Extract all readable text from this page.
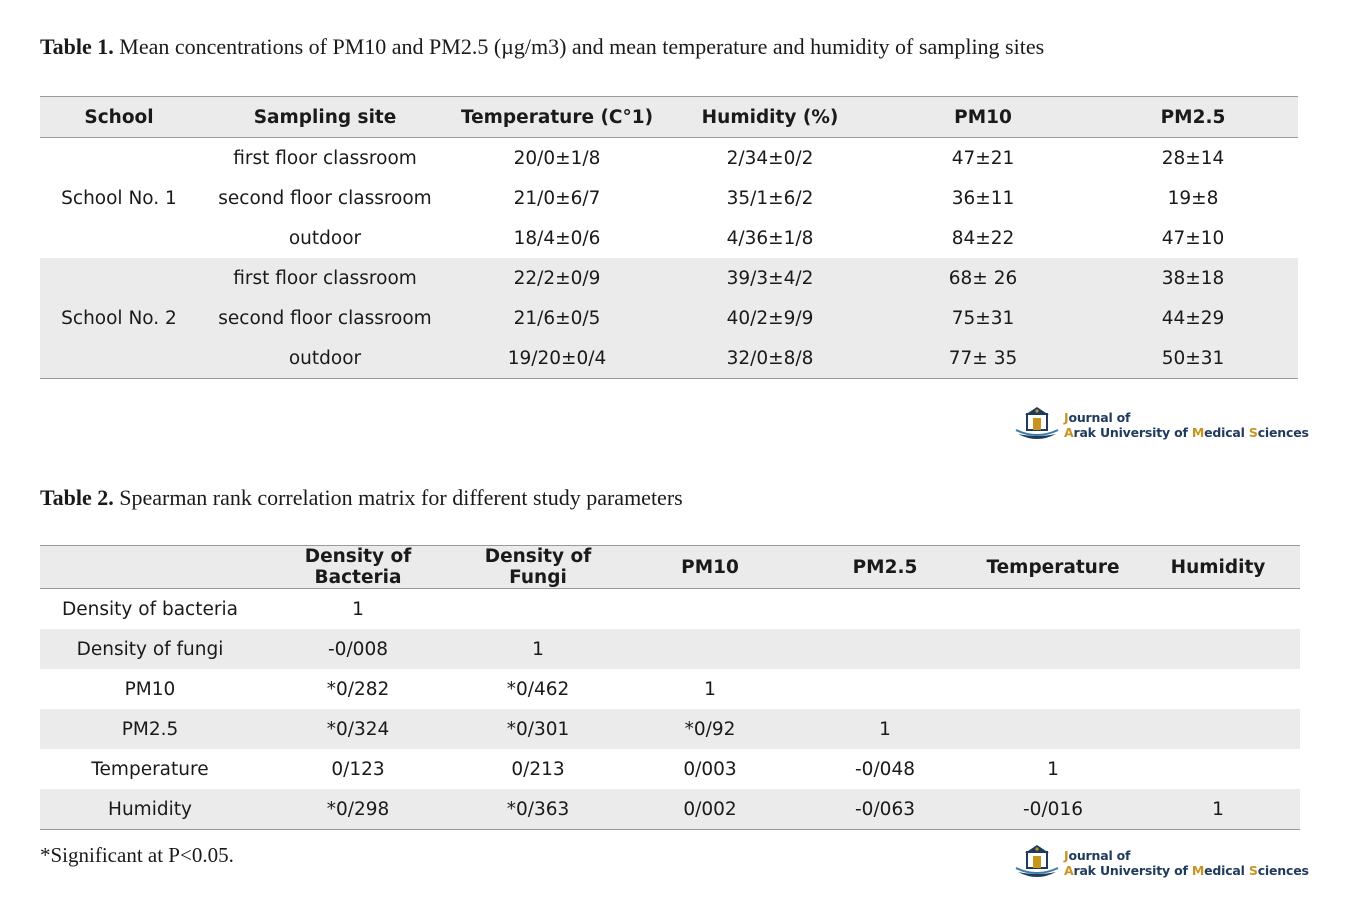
Table 1. Mean concentrations of PM10 and PM2.5 (µg/m3) and mean temperature and humidity of sampling sites
School	Sampling site	Temperature (C°1)	Humidity (%)	PM10	PM2.5
School No. 1	first floor classroom	20/0±1/8	2/34±0/2	47±21	28±14
	second floor classroom	21/0±6/7	35/1±6/2	36±11	19±8
	outdoor	18/4±0/6	4/36±1/8	84±22	47±10
School No. 2	first floor classroom	22/2±0/9	39/3±4/2	68± 26	38±18
	second floor classroom	21/6±0/5	40/2±9/9	75±31	44±29
	outdoor	19/20±0/4	32/0±8/8	77± 35	50±31
Journal of
Arak University of Medical Sciences
Table 2. Spearman rank correlation matrix for different study parameters
	Density of Bacteria	Density of Fungi	PM10	PM2.5	Temperature	Humidity
Density of bacteria	1					
Density of fungi	-0/008	1				
PM10	*0/282	*0/462	1			
PM2.5	*0/324	*0/301	*0/92	1		
Temperature	0/123	0/213	0/003	-0/048	1	
Humidity	*0/298	*0/363	0/002	-0/063	-0/016	1
*Significant at P<0.05.	Journal of
Arak University of Medical Sciences
